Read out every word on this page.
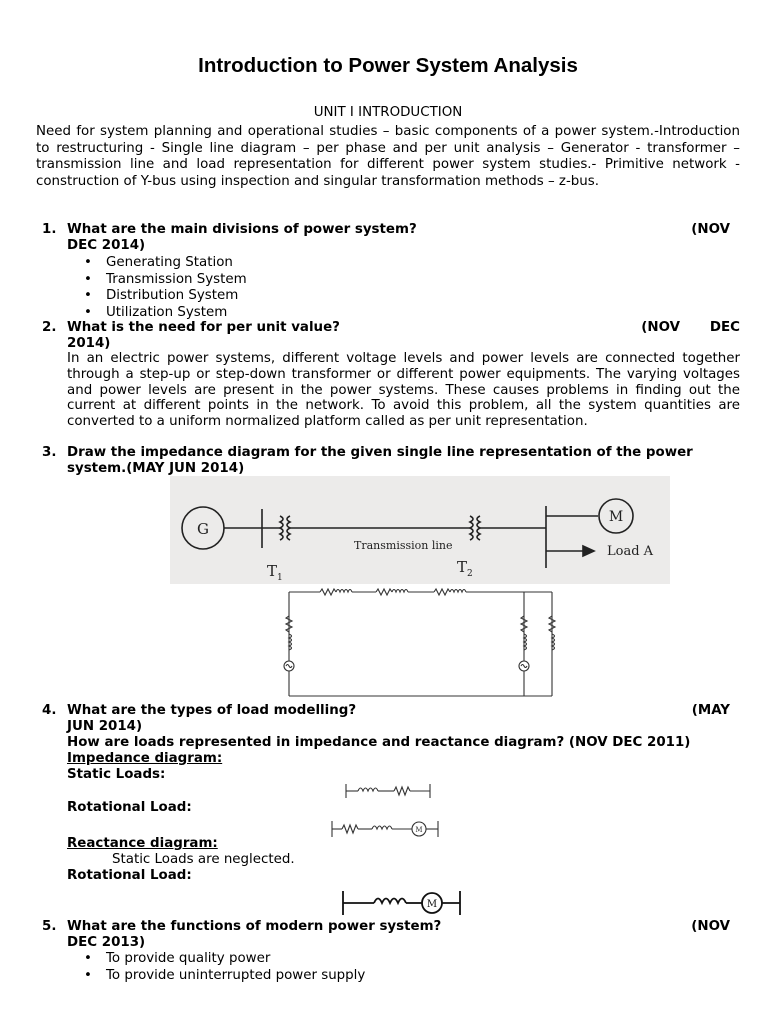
Introduction to Power System Analysis
UNIT I INTRODUCTION
Need for system planning and operational studies – basic components of a power system.-Introduction to restructuring - Single line diagram – per phase and per unit analysis – Generator - transformer – transmission line and load representation for different power system studies.- Primitive network - construction of Y-bus using inspection and singular transformation methods – z-bus.
1. What are the main divisions of power system?	(NOV
DEC 2014)
• Generating Station
• Transmission System
• Distribution System
• Utilization System
2. What is the need for per unit value?	(NOV DEC
2014)
In an electric power systems, different voltage levels and power levels are connected together through a step-up or step-down transformer or different power equipments. The varying voltages and power levels are present in the power systems. These causes problems in finding out the current at different points in the network. To avoid this problem, all the system quantities are converted to a uniform normalized platform called as per unit representation.
3. Draw the impedance diagram for the given single line representation of the power
system.(MAY JUN 2014)
G
M
Transmission line	Load A
T 1
T 2
4. What are the types of load modelling?	(MAY
JUN 2014)
How are loads represented in impedance and reactance diagram? (NOV DEC 2011)
Impedance diagram:
Static Loads:
Rotational Load:
Reactance diagram:
Static Loads are neglected.
Rotational Load:
M
M
5. What are the functions of modern power system?	(NOV
DEC 2013)
• To provide quality power
• To provide uninterrupted power supply
